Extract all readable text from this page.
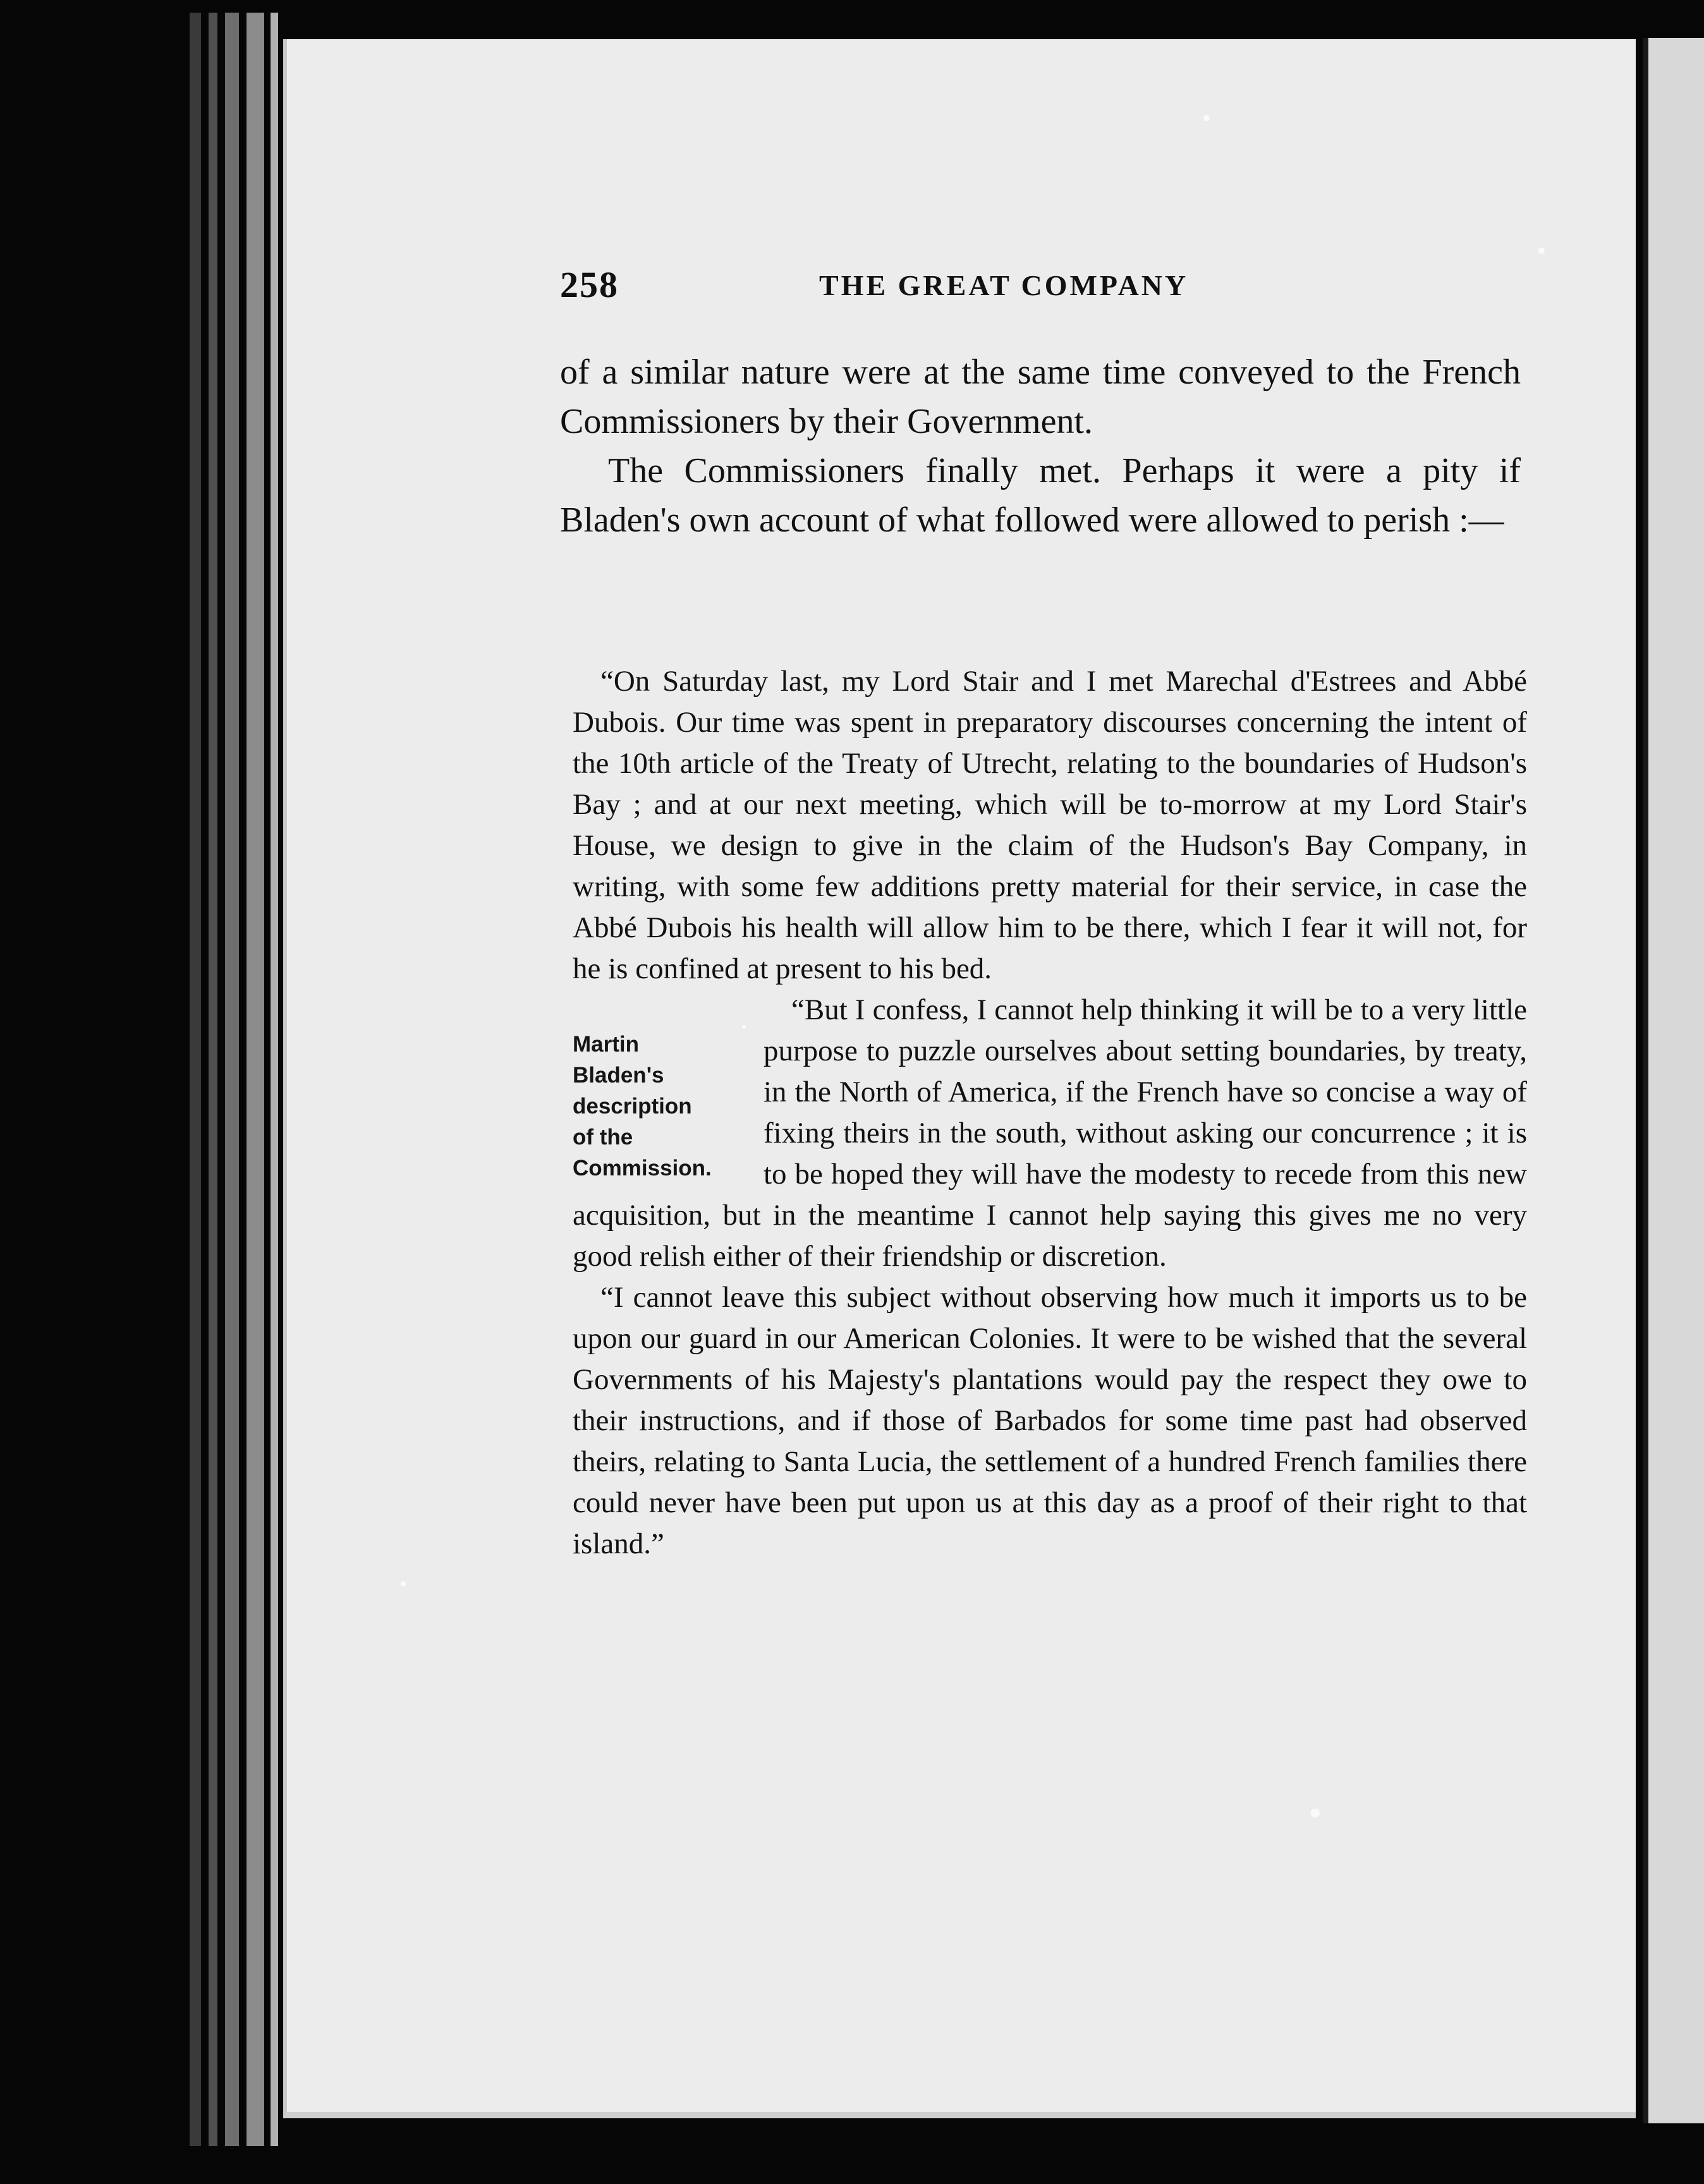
258	THE GREAT COMPANY

of a similar nature were at the same time conveyed to the French Commissioners by their Government.

The Commissioners finally met. Perhaps it were a pity if Bladen's own account of what followed were allowed to perish :—

“On Saturday last, my Lord Stair and I met Marechal d'Estrees and Abbé Dubois. Our time was spent in preparatory discourses concerning the intent of the 10th article of the Treaty of Utrecht, relating to the boundaries of Hudson's Bay ; and at our next meeting, which will be to-morrow at my Lord Stair's House, we design to give in the claim of the Hudson's Bay Company, in writing, with some few additions pretty material for their service, in case the Abbé Dubois his health will allow him to be there, which I fear it will not, for he is confined at present to his bed.

Martin
Bladen's
description
of the
Commission.

“But I confess, I cannot help thinking it will be to a very little purpose to puzzle ourselves about setting boundaries, by treaty, in the North of America, if the French have so concise a way of fixing theirs in the south, without asking our concurrence ; it is to be hoped they will have the modesty to recede from this new acquisition, but in the meantime I cannot help saying this gives me no very good relish either of their friendship or discretion.

“I cannot leave this subject without observing how much it imports us to be upon our guard in our American Colonies. It were to be wished that the several Governments of his Majesty's plantations would pay the respect they owe to their instructions, and if those of Barbados for some time past had observed theirs, relating to Santa Lucia, the settlement of a hundred French families there could never have been put upon us at this day as a proof of their right to that island.”
